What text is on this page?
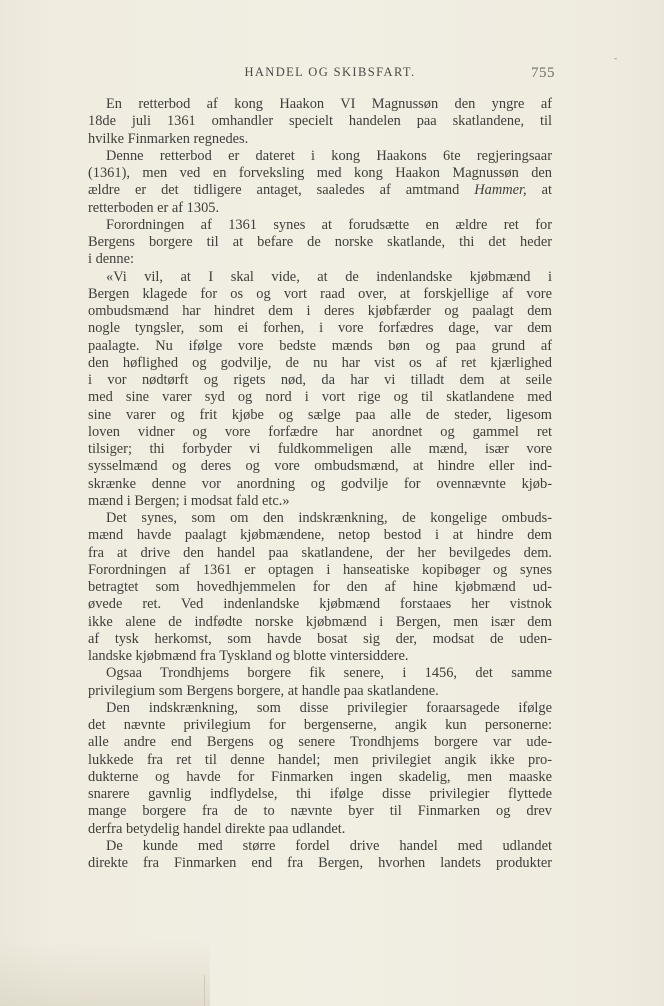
-
HANDEL OG SKIBSFART.	755
En retterbod af kong Haakon VI Magnussøn den yngre af
18de juli 1361 omhandler specielt handelen paa skatlandene, til
hvilke Finmarken regnedes.
Denne retterbod er dateret i kong Haakons 6te regjeringsaar
(1361), men ved en forveksling med kong Haakon Magnussøn den
ældre er det tidligere antaget, saaledes af amtmand Hammer, at
retterboden er af 1305.
Forordningen af 1361 synes at forudsætte en ældre ret for
Bergens borgere til at befare de norske skatlande, thi det heder
i denne:
«Vi vil, at I skal vide, at de indenlandske kjøbmænd i
Bergen klagede for os og vort raad over, at forskjellige af vore
ombudsmænd har hindret dem i deres kjøbfærder og paalagt dem
nogle tyngsler, som ei forhen, i vore forfædres dage, var dem
paalagte. Nu ifølge vore bedste mænds bøn og paa grund af
den høflighed og godvilje, de nu har vist os af ret kjærlighed
i vor nødtørft og rigets nød, da har vi tilladt dem at seile
med sine varer syd og nord i vort rige og til skatlandene med
sine varer og frit kjøbe og sælge paa alle de steder, ligesom
loven vidner og vore forfædre har anordnet og gammel ret
tilsiger; thi forbyder vi fuldkommeligen alle mænd, især vore
sysselmænd og deres og vore ombudsmænd, at hindre eller ind-
skrænke denne vor anordning og godvilje for ovennævnte kjøb-
mænd i Bergen; i modsat fald etc.»
Det synes, som om den indskrænkning, de kongelige ombuds-
mænd havde paalagt kjøbmændene, netop bestod i at hindre dem
fra at drive den handel paa skatlandene, der her bevilgedes dem.
Forordningen af 1361 er optagen i hanseatiske kopibøger og synes
betragtet som hovedhjemmelen for den af hine kjøbmænd ud-
øvede ret. Ved indenlandske kjøbmænd forstaaes her vistnok
ikke alene de indfødte norske kjøbmænd i Bergen, men især dem
af tysk herkomst, som havde bosat sig der, modsat de uden-
landske kjøbmænd fra Tyskland og blotte vintersiddere.
Ogsaa Trondhjems borgere fik senere, i 1456, det samme
privilegium som Bergens borgere, at handle paa skatlandene.
Den indskrænkning, som disse privilegier foraarsagede ifølge
det nævnte privilegium for bergenserne, angik kun personerne:
alle andre end Bergens og senere Trondhjems borgere var ude-
lukkede fra ret til denne handel; men privilegiet angik ikke pro-
dukterne og havde for Finmarken ingen skadelig, men maaske
snarere gavnlig indflydelse, thi ifølge disse privilegier flyttede
mange borgere fra de to nævnte byer til Finmarken og drev
derfra betydelig handel direkte paa udlandet.
De kunde med større fordel drive handel med udlandet
direkte fra Finmarken end fra Bergen, hvorhen landets produkter
